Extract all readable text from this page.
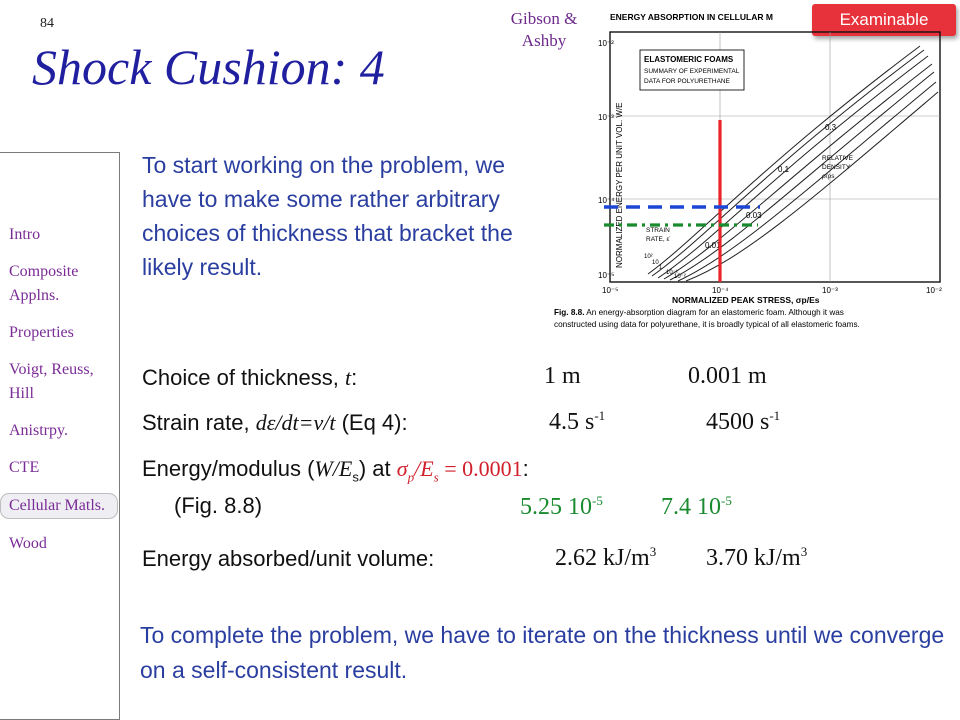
84
Shock Cushion: 4
Gibson &
Ashby
Examinable
Intro
Composite Applns.
Properties
Voigt, Reuss, Hill
Anistrpy.
CTE
Cellular Matls.
Wood
To start working on the problem, we have to make some rather arbitrary choices of thickness that bracket the likely result.
ENERGY ABSORPTION IN CELLULAR M
ELASTOMERIC FOAMS
SUMMARY OF EXPERIMENTAL
DATA FOR POLYURETHANE
NORMALIZED ENERGY PER UNIT VOL. W/E
10⁻²
10⁻³
10⁻⁴
10⁻⁵
10⁻⁵	10⁻⁴	10⁻³	10⁻²
NORMALIZED PEAK STRESS, σp/Es
0.3
0.1
0.03
0.01
RELATIVE
DENSITY
ρ/ρs
STRAIN
RATE, ε̇
10²
10
1
10⁻¹
10⁻²
Fig. 8.8. An energy-absorption diagram for an elastomeric foam. Although it was
constructed using data for polyurethane, it is broadly typical of all elastomeric foams.
Choice of thickness, t:	1 m	0.001 m
Strain rate, dε/dt=v/t (Eq 4):	4.5 $s^{-1}$	4500 $s^{-1}$
Energy/modulus $(W/E_s)$ at $\sigma_p/E_s = 0.0001$:
(Fig. 8.8)	5.25 $10^{-5}$ 7.4 $10^{-5}$
Energy absorbed/unit volume:	2.62 $kJ/m^3$ 3.70 $kJ/m^3$
To complete the problem, we have to iterate on the thickness until we converge on a self-consistent result.
